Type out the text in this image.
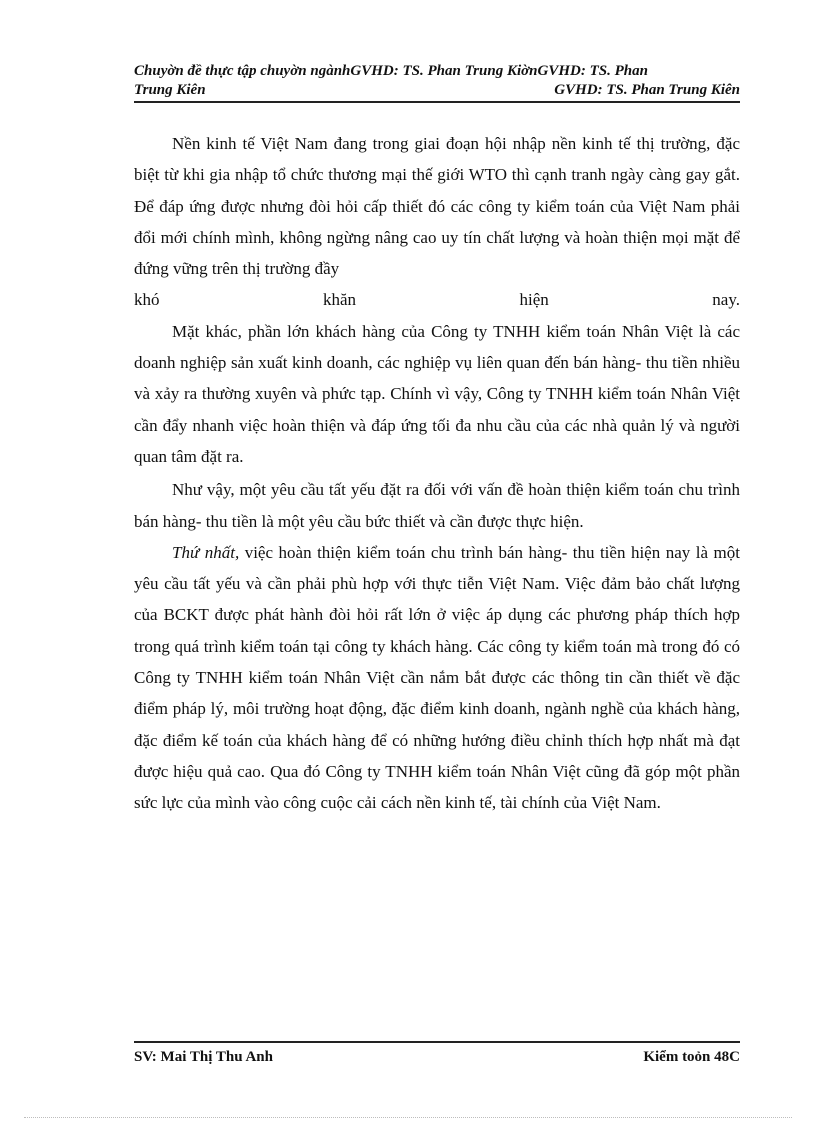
Chuyờn đề thực tập chuyờn ngànhGVHD: TS. Phan Trung KiờnGVHD: TS. Phan
Trung Kiên	GVHD: TS. Phan Trung Kiên

Nền kinh tế Việt Nam đang trong giai đoạn hội nhập nền kinh tế thị trường, đặc biệt từ khi gia nhập tổ chức thương mại thế giới WTO thì cạnh tranh ngày càng gay gắt. Để đáp ứng được nhưng đòi hỏi cấp thiết đó các công ty kiểm toán của Việt Nam phải đổi mới chính mình, không ngừng nâng cao uy tín chất lượng và hoàn thiện mọi mặt để đứng vững trên thị trường đầy

khó khăn hiện nay.

Mặt khác, phần lớn khách hàng của Công ty TNHH kiểm toán Nhân Việt là các doanh nghiệp sản xuất kinh doanh, các nghiệp vụ liên quan đến bán hàng- thu tiền nhiều và xảy ra thường xuyên và phức tạp. Chính vì vậy, Công ty TNHH kiểm toán Nhân Việt cần đẩy nhanh việc hoàn thiện và đáp ứng tối đa nhu cầu của các nhà quản lý và người quan tâm đặt ra.

Như vậy, một yêu cầu tất yếu đặt ra đối với vấn đề hoàn thiện kiểm toán chu trình bán hàng- thu tiền là một yêu cầu bức thiết và cần được thực hiện.

Thứ nhất, việc hoàn thiện kiểm toán chu trình bán hàng- thu tiền hiện nay là một yêu cầu tất yếu và cần phải phù hợp với thực tiễn Việt Nam. Việc đảm bảo chất lượng của BCKT được phát hành đòi hỏi rất lớn ở việc áp dụng các phương pháp thích hợp trong quá trình kiểm toán tại công ty khách hàng. Các công ty kiểm toán mà trong đó có Công ty TNHH kiểm toán Nhân Việt cần nắm bắt được các thông tin cần thiết về đặc điểm pháp lý, môi trường hoạt động, đặc điểm kinh doanh, ngành nghề của khách hàng, đặc điểm kế toán của khách hàng để có những hướng điều chỉnh thích hợp nhất mà đạt được hiệu quả cao. Qua đó Công ty TNHH kiểm toán Nhân Việt cũng đã góp một phần sức lực của mình vào công cuộc cải cách nền kinh tế, tài chính của Việt Nam.

SV: Mai Thị Thu Anh	Kiểm toỏn 48C
